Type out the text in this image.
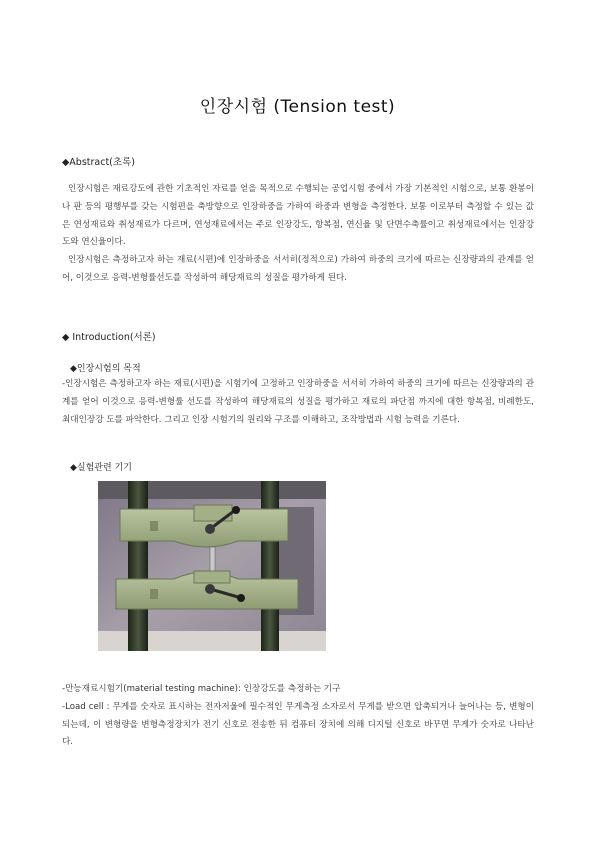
인장시험 (Tension test)
◆Abstract(초록)

인장시험은 재료강도에 관한 기초적인 자료를 얻을 목적으로 수행되는 공업시험 중에서 가장 기본적인 시험으로, 보통 환봉이나 판 등의 평행부를 갖는 시험편을 축방향으로 인장하중을 가하여 하중과 변형을 측정한다. 보통 이로부터 측정할 수 있는 값은 연성재료와 취성재료가 다르며, 연성재료에서는 주로 인장강도, 항복점, 연신율 및 단면수축률이고 취성재료에서는 인장강도와 연신율이다.

인장시험은 측정하고자 하는 재료(시편)에 인장하중을 서서히(정적으로) 가하여 하중의 크기에 따르는 신장량과의 관계를 얻어, 이것으로 응력-변형률선도를 작성하여 해당재료의 성질을 평가하게 된다.

◆ Introduction(서론)
◆인장시험의 목적

-인장시험은 측정하고자 하는 재료(시편)을 시험기에 고정하고 인장하중을 서서히 가하여 하중의 크기에 따르는 신장량과의 관계를 얻어 이것으로 응력-변형률 선도를 작성하여 해당재료의 성질을 평가하고 재료의 파단점 까지에 대한 항복점, 비례한도, 최대인장강 도를 파악한다. 그리고 인장 시험기의 원리와 구조를 이해하고, 조작방법과 시험 능력을 기른다.

◆실험관련 기기

-만능재료시험기(material testing machine): 인장강도를 측정하는 기구

-Load cell : 무게를 숫자로 표시하는 전자저울에 필수적인 무게측정 소자로서 무게를 받으면 압축되거나 늘어나는 등, 변형이 되는데, 이 변형량을 변형측정장치가 전기 신호로 전송한 뒤 컴퓨터 장치에 의해 디지털 신호로 바꾸면 무게가 숫자로 나타난다.
